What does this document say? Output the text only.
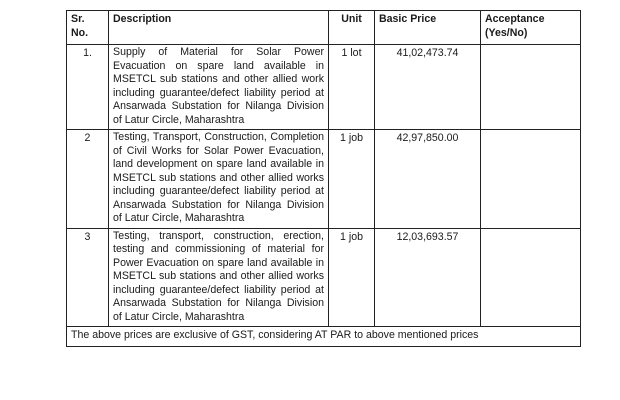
Sr. No.	Description	Unit	Basic Price	Acceptance (Yes/No)
1.	Supply of Material for Solar Power Evacuation on spare land available in MSETCL sub stations and other allied work including guarantee/defect liability period at Ansarwada Substation for Nilanga Division of Latur Circle, Maharashtra	1 lot	41,02,473.74	
2	Testing, Transport, Construction, Completion of Civil Works for Solar Power Evacuation, land development on spare land available in MSETCL sub stations and other allied works including guarantee/defect liability period at Ansarwada Substation for Nilanga Division of Latur Circle, Maharashtra	1 job	42,97,850.00	
3	Testing, transport, construction, erection, testing and commissioning of material for Power Evacuation on spare land available in MSETCL sub stations and other allied works including guarantee/defect liability period at Ansarwada Substation for Nilanga Division of Latur Circle, Maharashtra	1 job	12,03,693.57	
The above prices are exclusive of GST, considering AT PAR to above mentioned prices				
